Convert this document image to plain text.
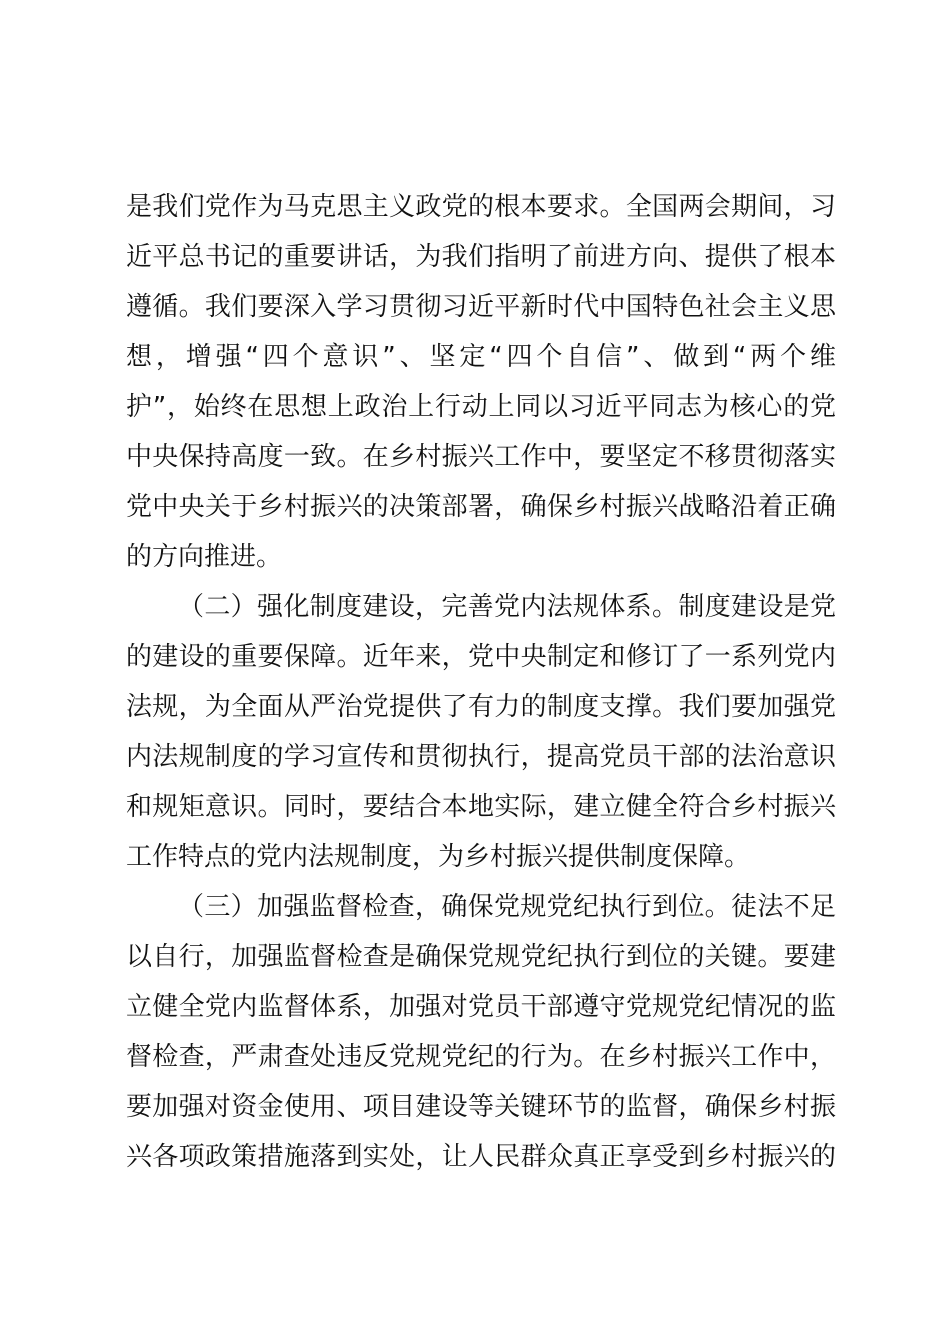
是我们党作为马克思主义政党的根本要求。全国两会期间，习
近平总书记的重要讲话，为我们指明了前进方向、提供了根本
遵循。我们要深入学习贯彻习近平新时代中国特色社会主义思
想，增强“四个意识”、坚定“四个自信”、做到“两个维
护”，始终在思想上政治上行动上同以习近平同志为核心的党
中央保持高度一致。在乡村振兴工作中，要坚定不移贯彻落实
党中央关于乡村振兴的决策部署，确保乡村振兴战略沿着正确
的方向推进。
（二）强化制度建设，完善党内法规体系。制度建设是党
的建设的重要保障。近年来，党中央制定和修订了一系列党内
法规，为全面从严治党提供了有力的制度支撑。我们要加强党
内法规制度的学习宣传和贯彻执行，提高党员干部的法治意识
和规矩意识。同时，要结合本地实际，建立健全符合乡村振兴
工作特点的党内法规制度，为乡村振兴提供制度保障。
（三）加强监督检查，确保党规党纪执行到位。徒法不足
以自行，加强监督检查是确保党规党纪执行到位的关键。要建
立健全党内监督体系，加强对党员干部遵守党规党纪情况的监
督检查，严肃查处违反党规党纪的行为。在乡村振兴工作中，
要加强对资金使用、项目建设等关键环节的监督，确保乡村振
兴各项政策措施落到实处，让人民群众真正享受到乡村振兴的
